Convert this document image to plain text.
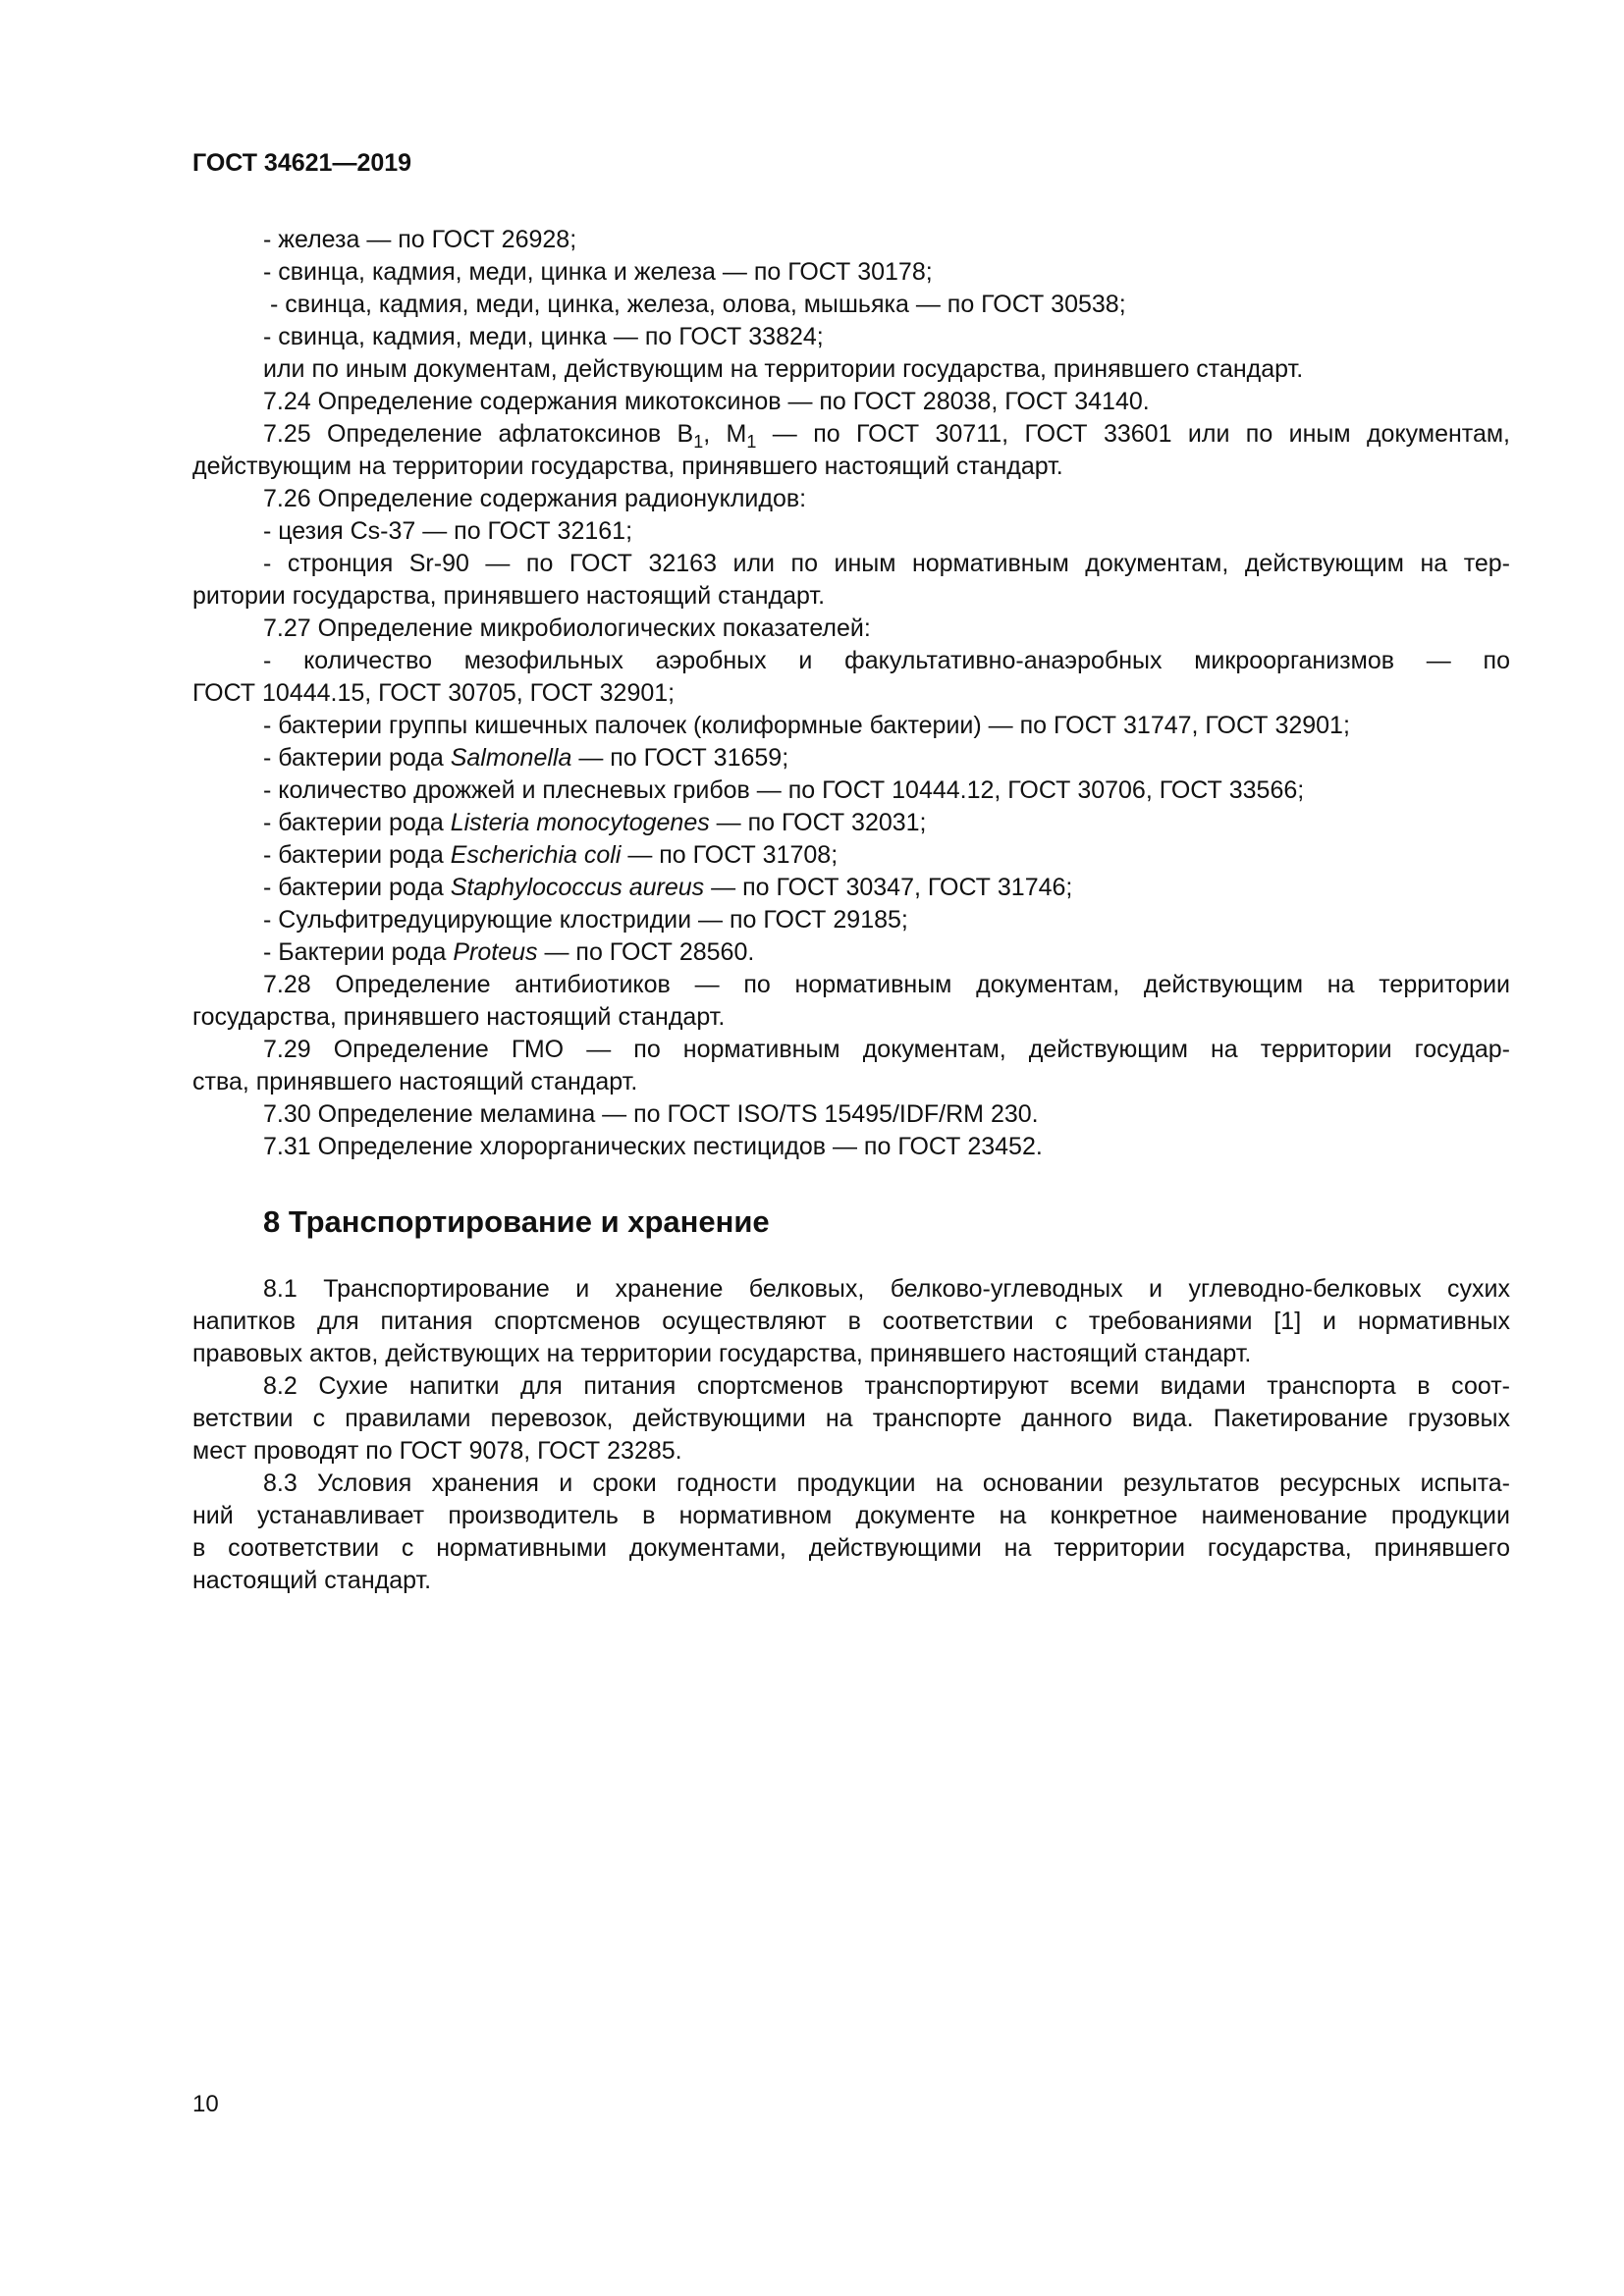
ГОСТ 34621—2019
- железа — по ГОСТ 26928;
- свинца, кадмия, меди, цинка и железа — по ГОСТ 30178;
- свинца, кадмия, меди, цинка, железа, олова, мышьяка — по ГОСТ 30538;
- свинца, кадмия, меди, цинка — по ГОСТ 33824;
или по иным документам, действующим на территории государства, принявшего стандарт.
7.24 Определение содержания микотоксинов — по ГОСТ 28038, ГОСТ 34140.
7.25 Определение афлатоксинов $B_1$, $M_1$ — по ГОСТ 30711, ГОСТ 33601 или по иным документам,
действующим на территории государства, принявшего настоящий стандарт.
7.26 Определение содержания радионуклидов:
- цезия Cs-37 — по ГОСТ 32161;
- стронция Sr-90 — по ГОСТ 32163 или по иным нормативным документам, действующим на тер-
ритории государства, принявшего настоящий стандарт.
7.27 Определение микробиологических показателей:
- количество мезофильных аэробных и факультативно-анаэробных микроорганизмов — по
ГОСТ 10444.15, ГОСТ 30705, ГОСТ 32901;
- бактерии группы кишечных палочек (колиформные бактерии) — по ГОСТ 31747, ГОСТ 32901;
- бактерии рода Salmonella — по ГОСТ 31659;
- количество дрожжей и плесневых грибов — по ГОСТ 10444.12, ГОСТ 30706, ГОСТ 33566;
- бактерии рода Listeria monocytogenes — по ГОСТ 32031;
- бактерии рода Escherichia coli — по ГОСТ 31708;
- бактерии рода Staphylococcus aureus — по ГОСТ 30347, ГОСТ 31746;
- Сульфитредуцирующие клостридии — по ГОСТ 29185;
- Бактерии рода Proteus — по ГОСТ 28560.
7.28 Определение антибиотиков — по нормативным документам, действующим на территории
государства, принявшего настоящий стандарт.
7.29 Определение ГМО — по нормативным документам, действующим на территории государ-
ства, принявшего настоящий стандарт.
7.30 Определение меламина — по ГОСТ ISO/TS 15495/IDF/RM 230.
7.31 Определение хлорорганических пестицидов — по ГОСТ 23452.
8 Транспортирование и хранение
8.1 Транспортирование и хранение белковых, белково-углеводных и углеводно-белковых сухих
напитков для питания спортсменов осуществляют в соответствии с требованиями [1] и нормативных
правовых актов, действующих на территории государства, принявшего настоящий стандарт.
8.2 Сухие напитки для питания спортсменов транспортируют всеми видами транспорта в соот-
ветствии с правилами перевозок, действующими на транспорте данного вида. Пакетирование грузовых
мест проводят по ГОСТ 9078, ГОСТ 23285.
8.3 Условия хранения и сроки годности продукции на основании результатов ресурсных испыта-
ний устанавливает производитель в нормативном документе на конкретное наименование продукции
в соответствии с нормативными документами, действующими на территории государства, принявшего
настоящий стандарт.
10
